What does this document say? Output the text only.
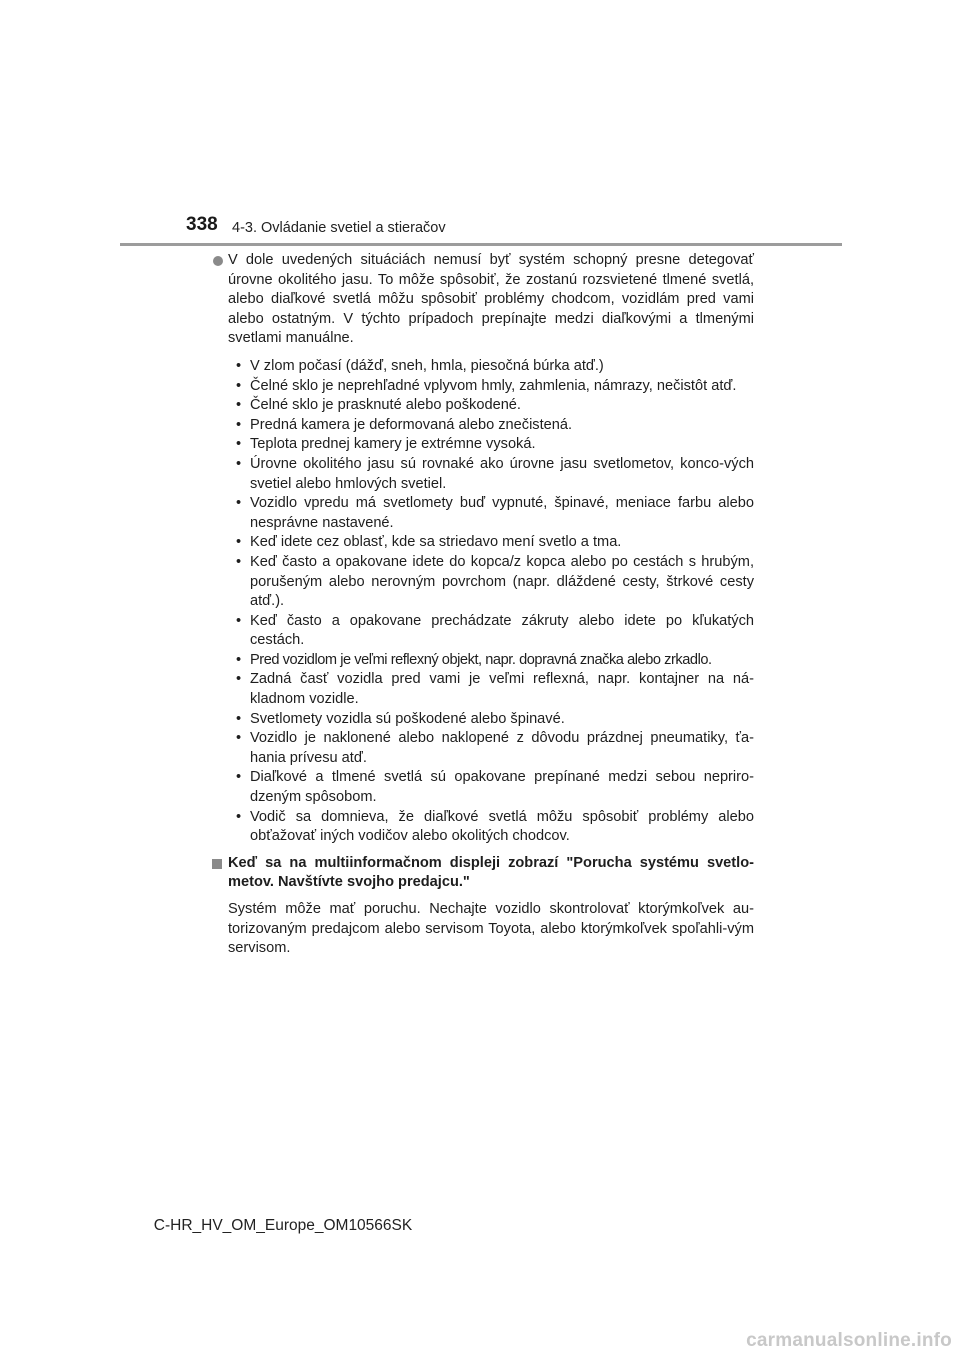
338 4-3. Ovládanie svetiel a stieračov
V dole uvedených situáciách nemusí byť systém schopný presne detegovať úrovne okolitého jasu. To môže spôsobiť, že zostanú rozsvietené tlmené svetlá, alebo diaľkové svetlá môžu spôsobiť problémy chodcom, vozidlám pred vami alebo ostatným. V týchto prípadoch prepínajte medzi diaľkovými a tlmenými svetlami manuálne.
• V zlom počasí (dážď, sneh, hmla, piesočná búrka atď.)
• Čelné sklo je neprehľadné vplyvom hmly, zahmlenia, námrazy, nečistôt atď.
• Čelné sklo je prasknuté alebo poškodené.
• Predná kamera je deformovaná alebo znečistená.
• Teplota prednej kamery je extrémne vysoká.
• Úrovne okolitého jasu sú rovnaké ako úrovne jasu svetlometov, konco-vých svetiel alebo hmlových svetiel.
• Vozidlo vpredu má svetlomety buď vypnuté, špinavé, meniace farbu alebo nesprávne nastavené.
• Keď idete cez oblasť, kde sa striedavo mení svetlo a tma.
• Keď často a opakovane idete do kopca/z kopca alebo po cestách s hrubým, porušeným alebo nerovným povrchom (napr. dláždené cesty, štrkové cesty atď.).
• Keď často a opakovane prechádzate zákruty alebo idete po kľukatých cestách.
• Pred vozidlom je veľmi reflexný objekt, napr. dopravná značka alebo zrkadlo.
• Zadná časť vozidla pred vami je veľmi reflexná, napr. kontajner na ná-kladnom vozidle.
• Svetlomety vozidla sú poškodené alebo špinavé.
• Vozidlo je naklonené alebo naklopené z dôvodu prázdnej pneumatiky, ťa-hania prívesu atď.
• Diaľkové a tlmené svetlá sú opakovane prepínané medzi sebou nepriro-dzeným spôsobom.
• Vodič sa domnieva, že diaľkové svetlá môžu spôsobiť problémy alebo obťažovať iných vodičov alebo okolitých chodcov.
Keď sa na multiinformačnom displeji zobrazí "Porucha systému svetlo-metov. Navštívte svojho predajcu."
Systém môže mať poruchu. Nechajte vozidlo skontrolovať ktorýmkoľvek au-torizovaným predajcom alebo servisom Toyota, alebo ktorýmkoľvek spoľahli-vým servisom.
C-HR_HV_OM_Europe_OM10566SK
carmanualsonline.info
